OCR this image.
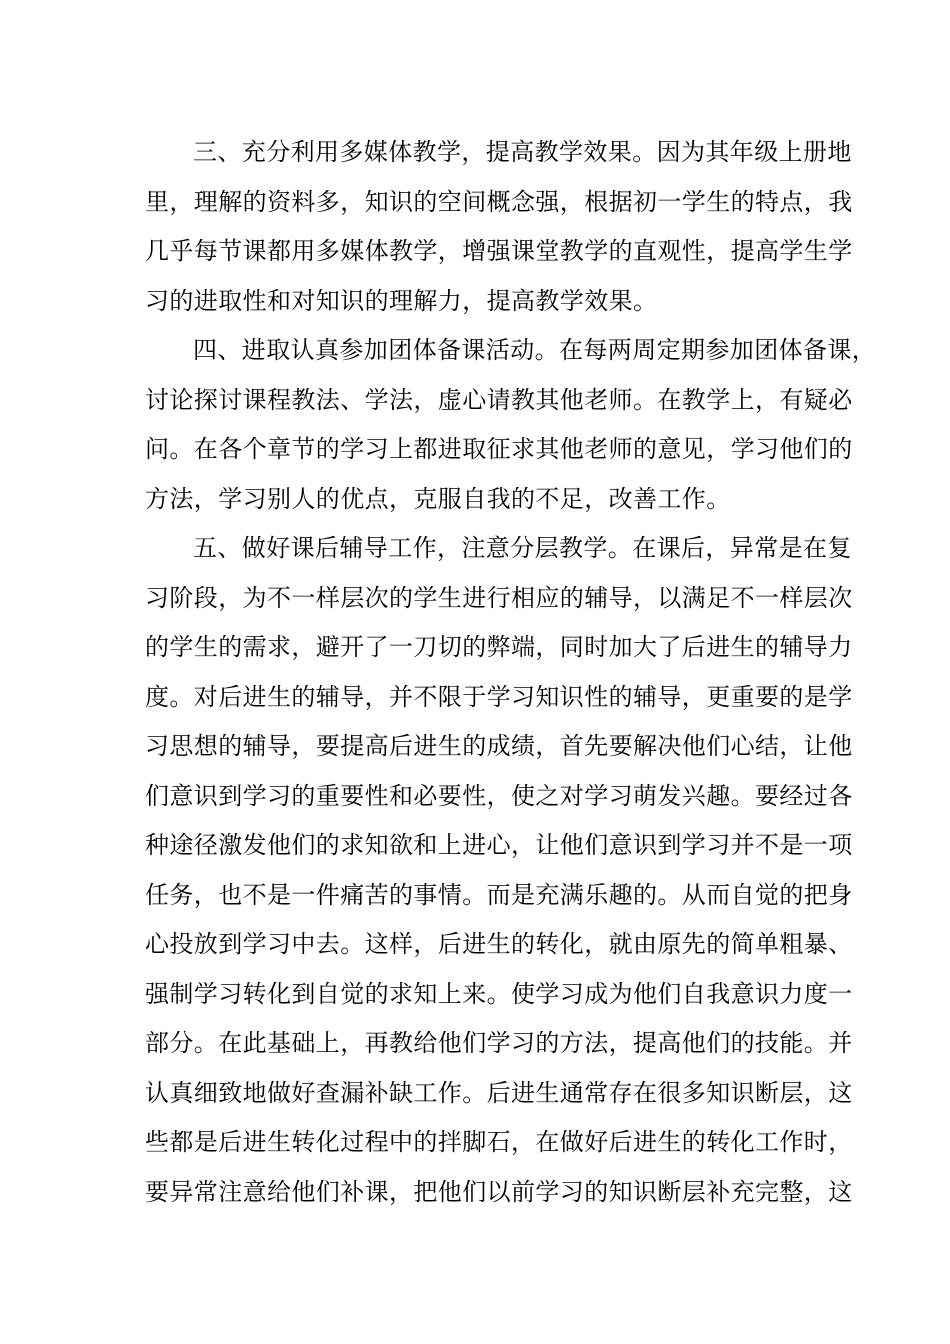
三、充分利用多媒体教学，提高教学效果。因为其年级上册地
里，理解的资料多，知识的空间概念强，根据初一学生的特点，我
几乎每节课都用多媒体教学，增强课堂教学的直观性，提高学生学
习的进取性和对知识的理解力，提高教学效果。
四、进取认真参加团体备课活动。在每两周定期参加团体备课，
讨论探讨课程教法、学法，虚心请教其他老师。在教学上，有疑必
问。在各个章节的学习上都进取征求其他老师的意见，学习他们的
方法，学习别人的优点，克服自我的不足，改善工作。
五、做好课后辅导工作，注意分层教学。在课后，异常是在复
习阶段，为不一样层次的学生进行相应的辅导，以满足不一样层次
的学生的需求，避开了一刀切的弊端，同时加大了后进生的辅导力
度。对后进生的辅导，并不限于学习知识性的辅导，更重要的是学
习思想的辅导，要提高后进生的成绩，首先要解决他们心结，让他
们意识到学习的重要性和必要性，使之对学习萌发兴趣。要经过各
种途径激发他们的求知欲和上进心，让他们意识到学习并不是一项
任务，也不是一件痛苦的事情。而是充满乐趣的。从而自觉的把身
心投放到学习中去。这样，后进生的转化，就由原先的简单粗暴、
强制学习转化到自觉的求知上来。使学习成为他们自我意识力度一
部分。在此基础上，再教给他们学习的方法，提高他们的技能。并
认真细致地做好查漏补缺工作。后进生通常存在很多知识断层，这
些都是后进生转化过程中的拌脚石，在做好后进生的转化工作时，
要异常注意给他们补课，把他们以前学习的知识断层补充完整，这
